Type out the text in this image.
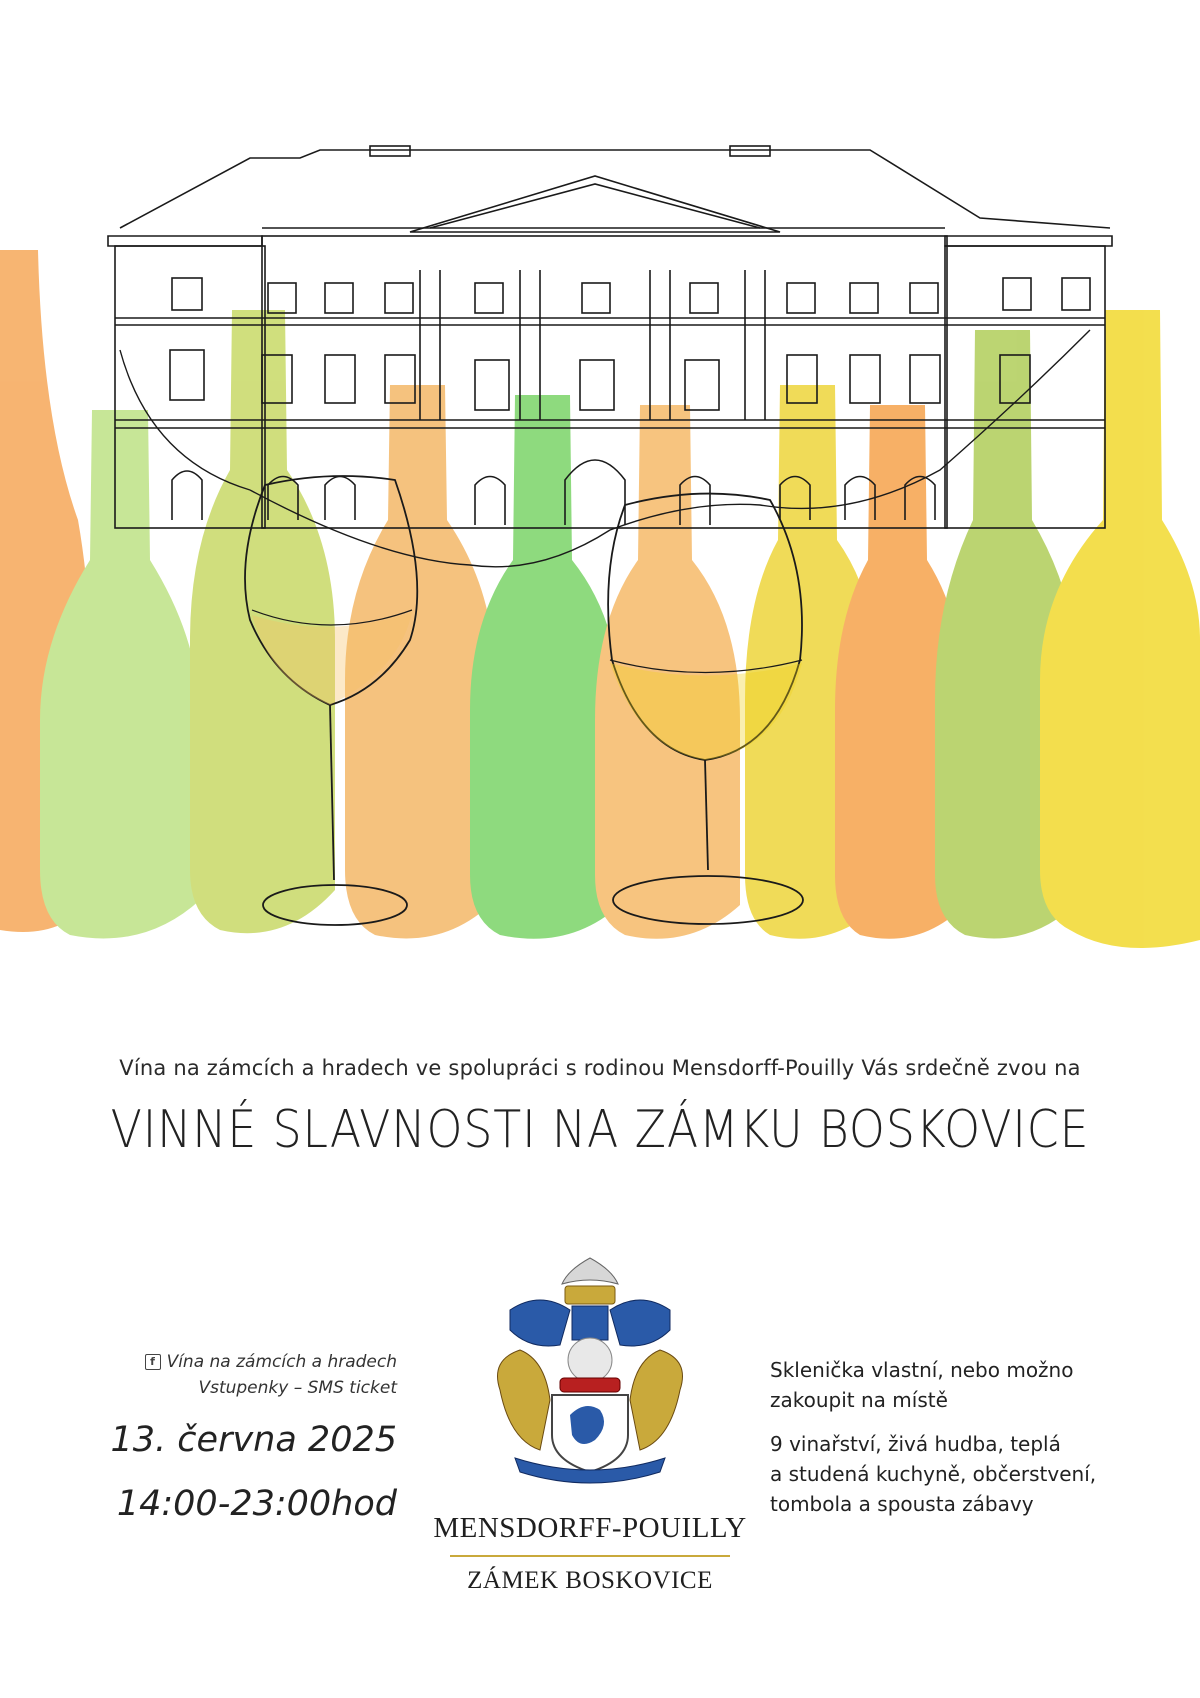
Vína na zámcích a hradech ve spolupráci s rodinou Mensdorff-Pouilly Vás srdečně zvou na
VINNÉ SLAVNOSTI NA ZÁMKU BOSKOVICE
f Vína na zámcích a hradech
Vstupenky – SMS ticket
13. června 2025
14:00-23:00hod
MENSDORFF-POUILLY
ZÁMEK BOSKOVICE
Sklenička vlastní, nebo možno
zakoupit na místě
9 vinařství, živá hudba, teplá
a studená kuchyně, občerstvení,
tombola a spousta zábavy
